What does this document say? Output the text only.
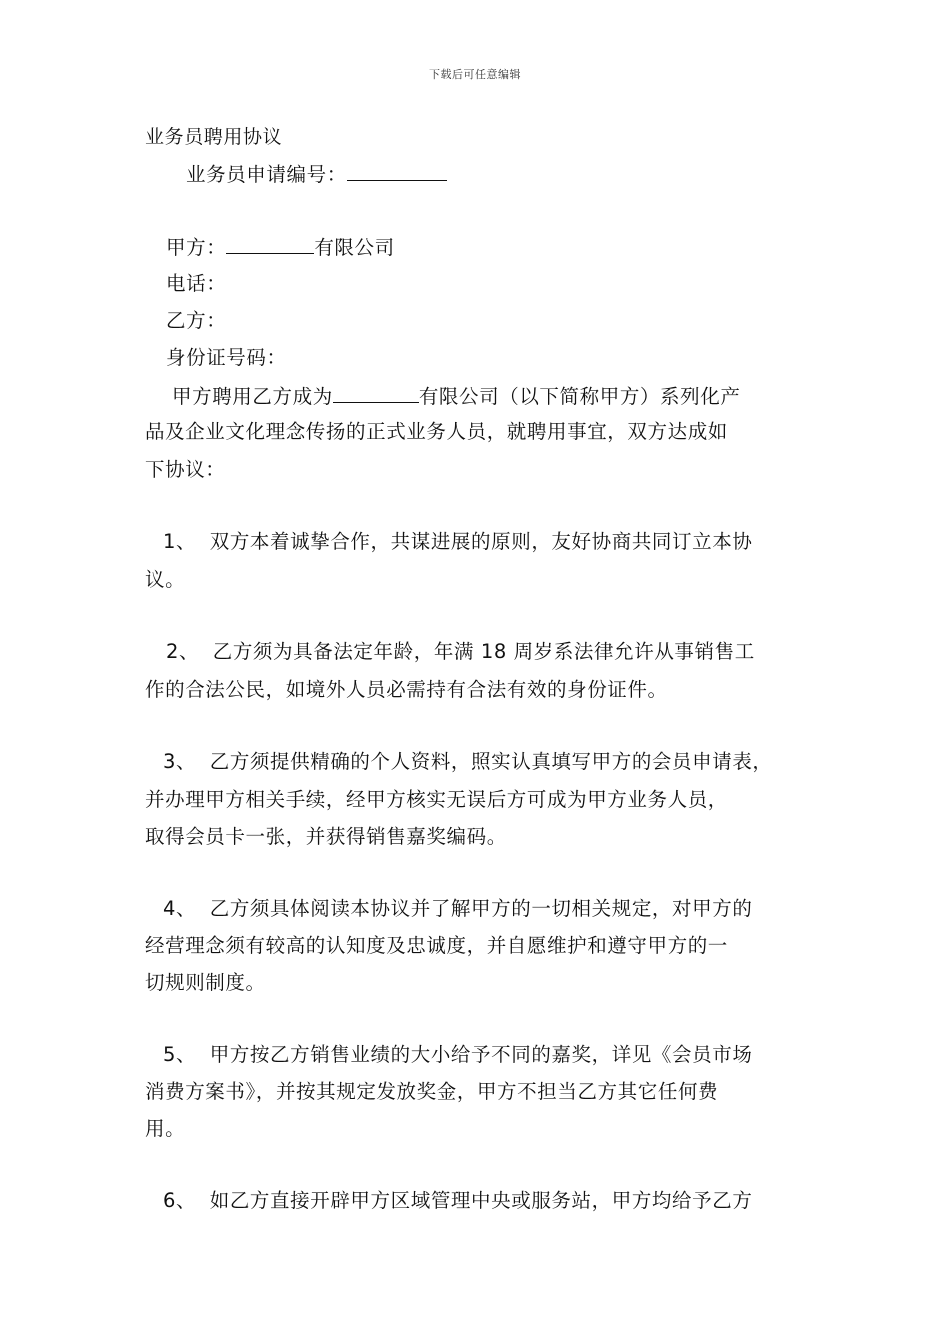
下载后可任意编辑
业务员聘用协议
业务员申请编号：
甲方：	有限公司
电话：
乙方：
身份证号码：
甲方聘用乙方成为	有限公司（以下简称甲方）系列化产
品及企业文化理念传扬的正式业务人员，就聘用事宜，双方达成如
下协议：
1、 双方本着诚挚合作，共谋进展的原则，友好协商共同订立本协
议。
2、 乙方须为具备法定年龄，年满 18 周岁系法律允许从事销售工
作的合法公民，如境外人员必需持有合法有效的身份证件。
3、 乙方须提供精确的个人资料，照实认真填写甲方的会员申请表，
并办理甲方相关手续，经甲方核实无误后方可成为甲方业务人员，
取得会员卡一张，并获得销售嘉奖编码。
4、 乙方须具体阅读本协议并了解甲方的一切相关规定，对甲方的
经营理念须有较高的认知度及忠诚度，并自愿维护和遵守甲方的一
切规则制度。
5、 甲方按乙方销售业绩的大小给予不同的嘉奖，详见《会员市场
消费方案书》，并按其规定发放奖金，甲方不担当乙方其它任何费
用。
6、 如乙方直接开辟甲方区域管理中央或服务站，甲方均给予乙方
